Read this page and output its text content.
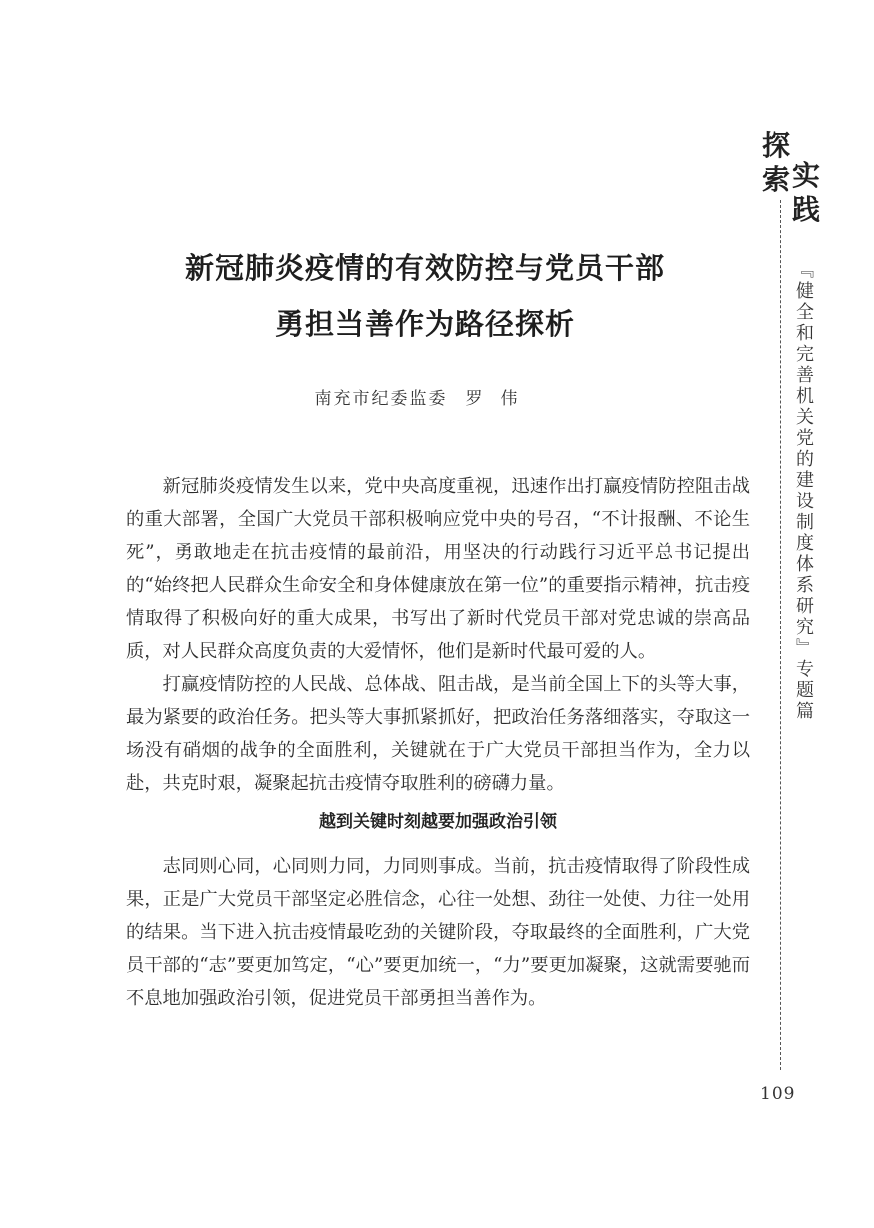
新冠肺炎疫情的有效防控与党员干部
勇担当善作为路径探析
南充市纪委监委 罗伟

新冠肺炎疫情发生以来，党中央高度重视，迅速作出打赢疫情防控阻击战的重大部署，全国广大党员干部积极响应党中央的号召，“不计报酬、不论生死”，勇敢地走在抗击疫情的最前沿，用坚决的行动践行习近平总书记提出的“始终把人民群众生命安全和身体健康放在第一位”的重要指示精神，抗击疫情取得了积极向好的重大成果，书写出了新时代党员干部对党忠诚的崇高品质，对人民群众高度负责的大爱情怀，他们是新时代最可爱的人。

打赢疫情防控的人民战、总体战、阻击战，是当前全国上下的头等大事，最为紧要的政治任务。把头等大事抓紧抓好，把政治任务落细落实，夺取这一场没有硝烟的战争的全面胜利，关键就在于广大党员干部担当作为，全力以赴，共克时艰，凝聚起抗击疫情夺取胜利的磅礴力量。

越到关键时刻越要加强政治引领

志同则心同，心同则力同，力同则事成。当前，抗击疫情取得了阶段性成果，正是广大党员干部坚定必胜信念，心往一处想、劲往一处使、力往一处用的结果。当下进入抗击疫情最吃劲的关键阶段，夺取最终的全面胜利，广大党员干部的“志”要更加笃定，“心”要更加统一，“力”要更加凝聚，这就需要驰而不息地加强政治引领，促进党员干部勇担当善作为。

探
索 实
践
『健全和完善机关党的建设制度体系研究』专题篇
109
